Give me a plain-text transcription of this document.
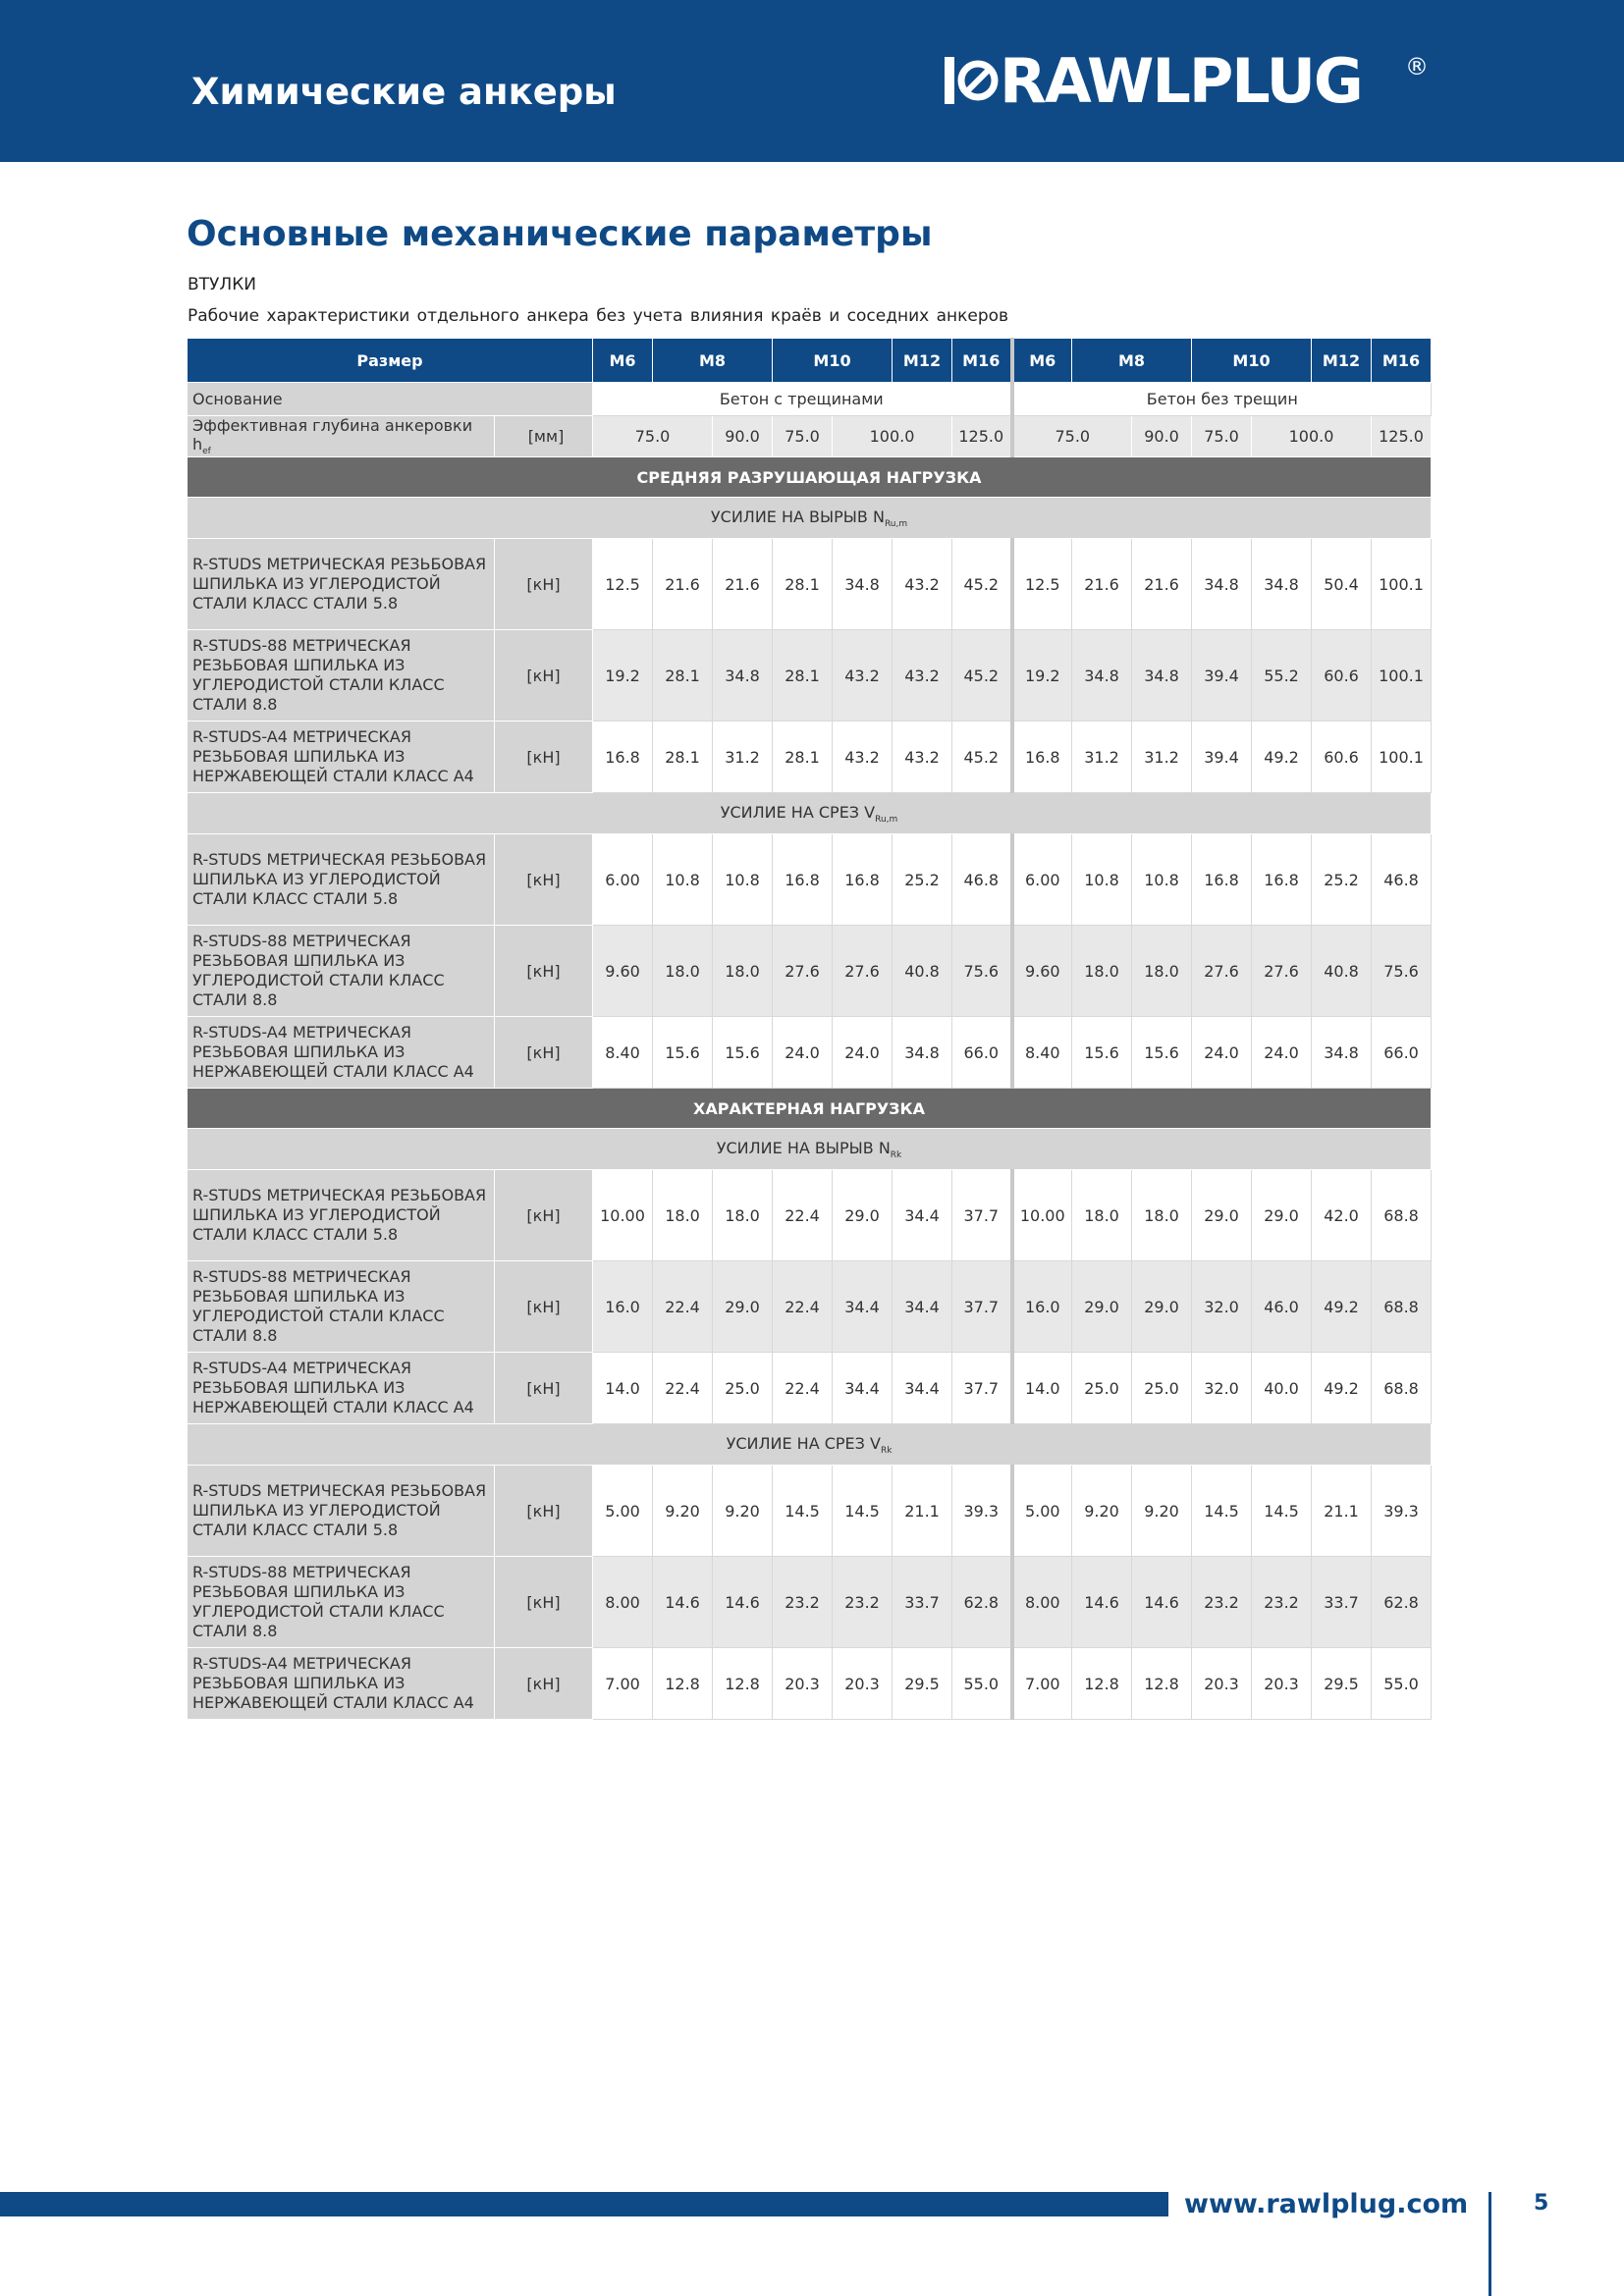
Химические анкеры	RAWLPLUG ®
Основные механические параметры
ВТУЛКИ
Рабочие характеристики отдельного анкера без учета влияния краёв и соседних анкеров
Размер		M6	M8		M10		M12	M16	M6	M8		M10		M12	M16
Основание		Бетон с трещинами							Бетон без трещин						
Эффективная глубина анкеровки $h_{ef}$	[мм]	75.0		90.0	75.0	100.0		125.0	75.0		90.0	75.0	100.0		125.0
СРЕДНЯЯ РАЗРУШАЮЩАЯ НАГРУЗКА															
УСИЛИЕ НА ВЫРЫВ $N_{Ru,m}$
R-STUDS МЕТРИЧЕСКАЯ РЕЗЬБОВАЯ ШПИЛЬКА ИЗ УГЛЕРОДИСТОЙ СТАЛИ КЛАСС СТАЛИ 5.8	[кН]	12.5	21.6	21.6	28.1	34.8	43.2	45.2	12.5	21.6	21.6	34.8	34.8	50.4	100.1
R-STUDS-88 МЕТРИЧЕСКАЯ РЕЗЬБОВАЯ ШПИЛЬКА ИЗ УГЛЕРОДИСТОЙ СТАЛИ КЛАСС СТАЛИ 8.8	[кН]	19.2	28.1	34.8	28.1	43.2	43.2	45.2	19.2	34.8	34.8	39.4	55.2	60.6	100.1
R-STUDS-A4 МЕТРИЧЕСКАЯ РЕЗЬБОВАЯ ШПИЛЬКА ИЗ НЕРЖАВЕЮЩЕЙ СТАЛИ КЛАСС А4	[кН]	16.8	28.1	31.2	28.1	43.2	43.2	45.2	16.8	31.2	31.2	39.4	49.2	60.6	100.1
УСИЛИЕ НА СРЕЗ $V_{Ru,m}$
R-STUDS МЕТРИЧЕСКАЯ РЕЗЬБОВАЯ ШПИЛЬКА ИЗ УГЛЕРОДИСТОЙ СТАЛИ КЛАСС СТАЛИ 5.8	[кН]	6.00	10.8	10.8	16.8	16.8	25.2	46.8	6.00	10.8	10.8	16.8	16.8	25.2	46.8
R-STUDS-88 МЕТРИЧЕСКАЯ РЕЗЬБОВАЯ ШПИЛЬКА ИЗ УГЛЕРОДИСТОЙ СТАЛИ КЛАСС СТАЛИ 8.8	[кН]	9.60	18.0	18.0	27.6	27.6	40.8	75.6	9.60	18.0	18.0	27.6	27.6	40.8	75.6
R-STUDS-A4 МЕТРИЧЕСКАЯ РЕЗЬБОВАЯ ШПИЛЬКА ИЗ НЕРЖАВЕЮЩЕЙ СТАЛИ КЛАСС А4	[кН]	8.40	15.6	15.6	24.0	24.0	34.8	66.0	8.40	15.6	15.6	24.0	24.0	34.8	66.0
ХАРАКТЕРНАЯ НАГРУЗКА															
УСИЛИЕ НА ВЫРЫВ $N_{Rk}$
R-STUDS МЕТРИЧЕСКАЯ РЕЗЬБОВАЯ ШПИЛЬКА ИЗ УГЛЕРОДИСТОЙ СТАЛИ КЛАСС СТАЛИ 5.8	[кН]	10.00	18.0	18.0	22.4	29.0	34.4	37.7	10.00	18.0	18.0	29.0	29.0	42.0	68.8
R-STUDS-88 МЕТРИЧЕСКАЯ РЕЗЬБОВАЯ ШПИЛЬКА ИЗ УГЛЕРОДИСТОЙ СТАЛИ КЛАСС СТАЛИ 8.8	[кН]	16.0	22.4	29.0	22.4	34.4	34.4	37.7	16.0	29.0	29.0	32.0	46.0	49.2	68.8
R-STUDS-A4 МЕТРИЧЕСКАЯ РЕЗЬБОВАЯ ШПИЛЬКА ИЗ НЕРЖАВЕЮЩЕЙ СТАЛИ КЛАСС А4	[кН]	14.0	22.4	25.0	22.4	34.4	34.4	37.7	14.0	25.0	25.0	32.0	40.0	49.2	68.8
УСИЛИЕ НА СРЕЗ $V_{Rk}$
R-STUDS МЕТРИЧЕСКАЯ РЕЗЬБОВАЯ ШПИЛЬКА ИЗ УГЛЕРОДИСТОЙ СТАЛИ КЛАСС СТАЛИ 5.8	[кН]	5.00	9.20	9.20	14.5	14.5	21.1	39.3	5.00	9.20	9.20	14.5	14.5	21.1	39.3
R-STUDS-88 МЕТРИЧЕСКАЯ РЕЗЬБОВАЯ ШПИЛЬКА ИЗ УГЛЕРОДИСТОЙ СТАЛИ КЛАСС СТАЛИ 8.8	[кН]	8.00	14.6	14.6	23.2	23.2	33.7	62.8	8.00	14.6	14.6	23.2	23.2	33.7	62.8
R-STUDS-A4 МЕТРИЧЕСКАЯ РЕЗЬБОВАЯ ШПИЛЬКА ИЗ НЕРЖАВЕЮЩЕЙ СТАЛИ КЛАСС А4	[кН]	7.00	12.8	12.8	20.3	20.3	29.5	55.0	7.00	12.8	12.8	20.3	20.3	29.5	55.0
www.rawlplug.com	5
